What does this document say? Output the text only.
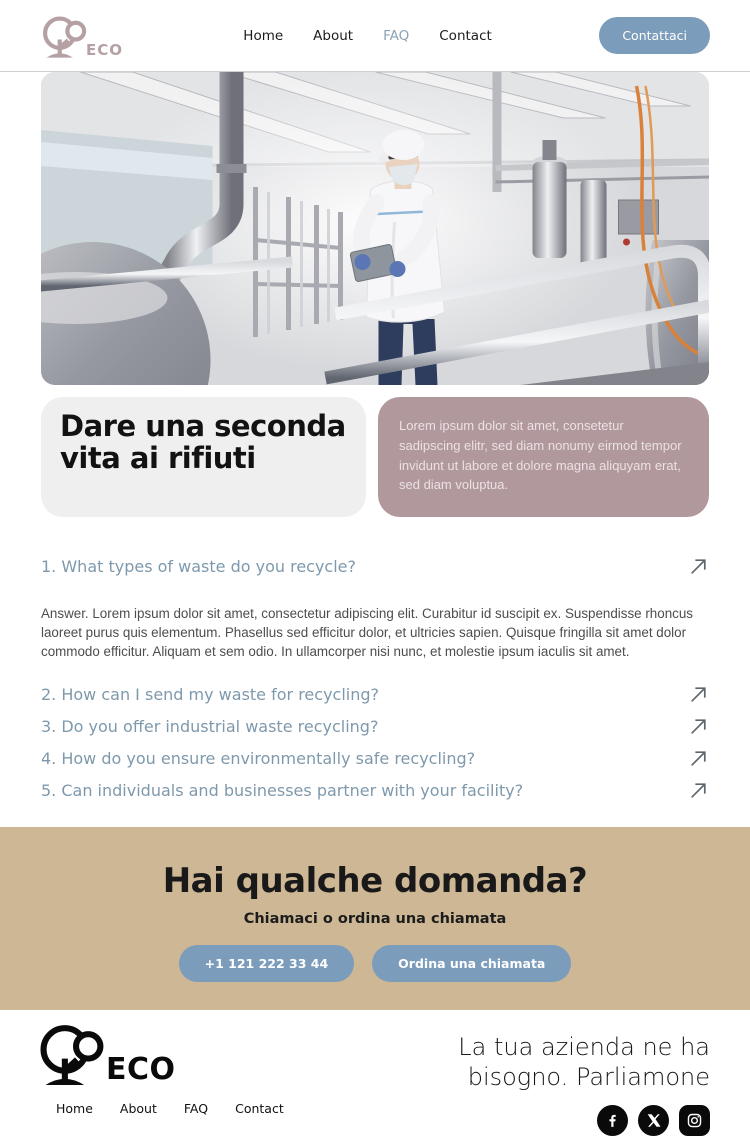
ECO
Home About FAQ Contact	Contattaci
Dare una seconda vita ai rifiuti

Lorem ipsum dolor sit amet, consetetur sadipscing elitr, sed diam nonumy eirmod tempor invidunt ut labore et dolore magna aliquyam erat, sed diam voluptua.

1. What types of waste do you recycle?

Answer. Lorem ipsum dolor sit amet, consectetur adipiscing elit. Curabitur id suscipit ex. Suspendisse rhoncus laoreet purus quis elementum. Phasellus sed efficitur dolor, et ultricies sapien. Quisque fringilla sit amet dolor commodo efficitur. Aliquam et sem odio. In ullamcorper nisi nunc, et molestie ipsum iaculis sit amet.

2. How can I send my waste for recycling?
3. Do you offer industrial waste recycling?
4. How do you ensure environmentally safe recycling?
5. Can individuals and businesses partner with your facility?
Hai qualche domanda?

Chiamaci o ordina una chiamata

+1 121 222 33 44	Ordina una chiamata
ECO
Home About FAQ Contact

La tua azienda ne ha bisogno. Parliamone
